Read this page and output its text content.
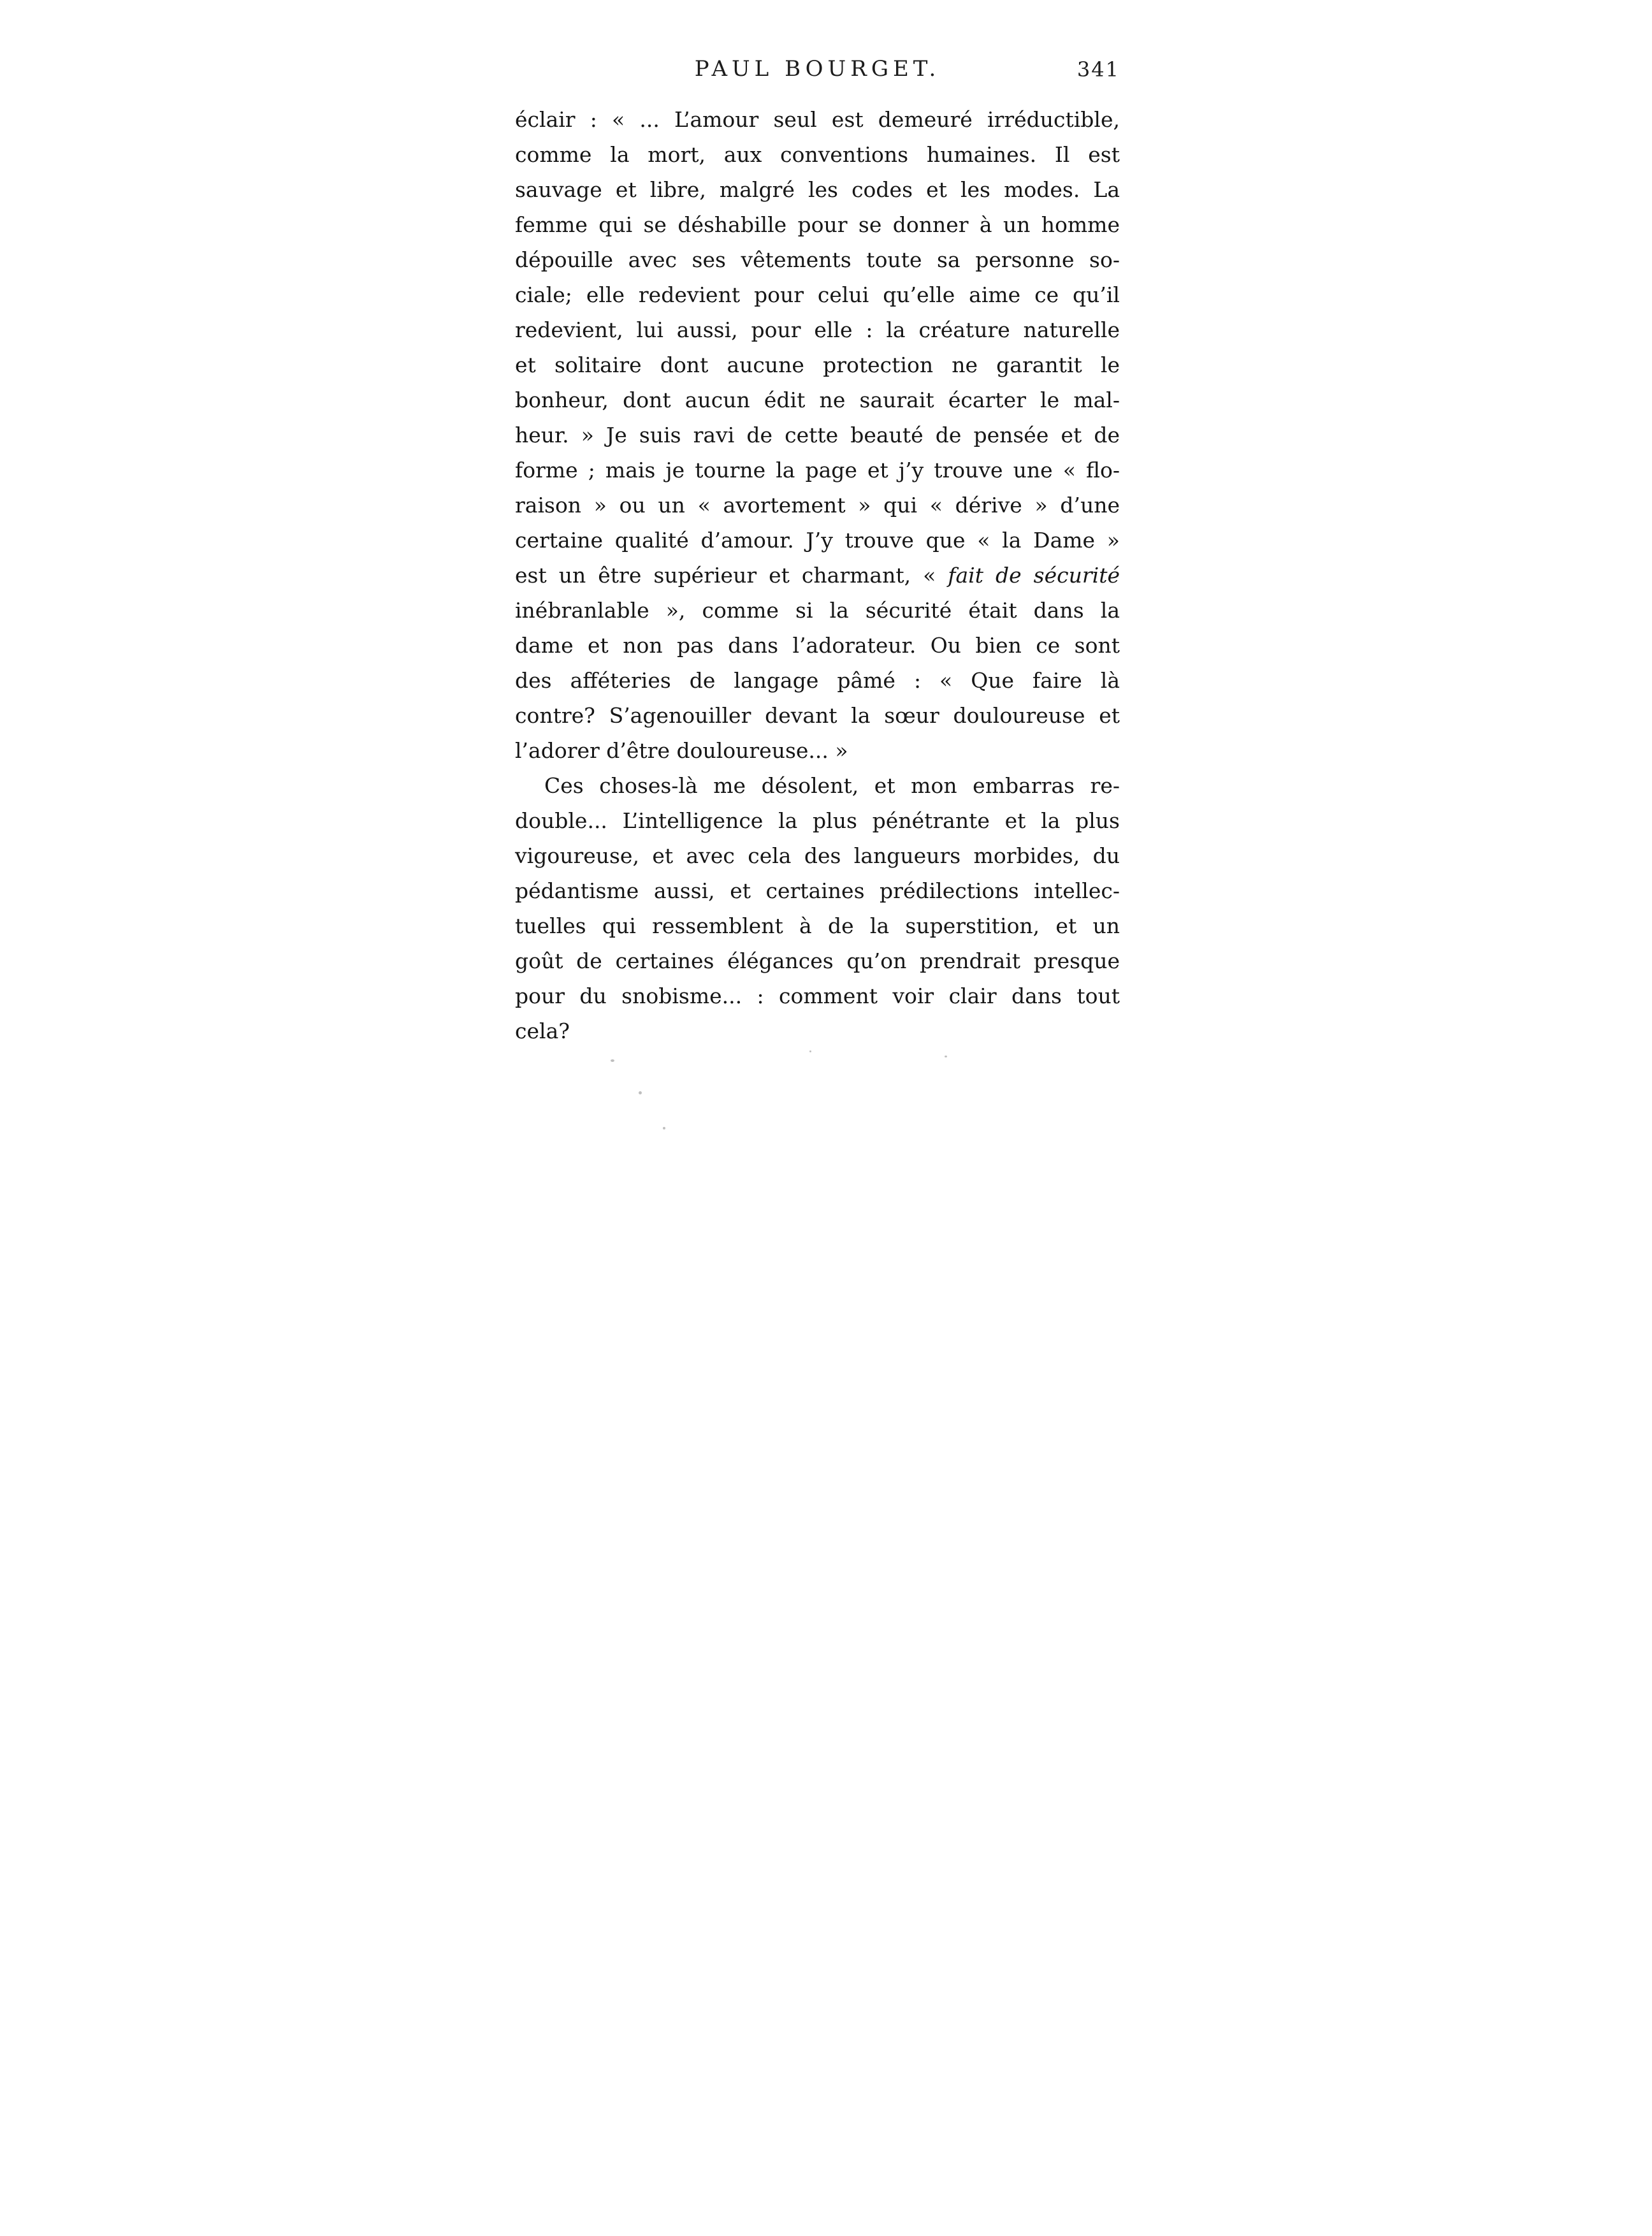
PAUL BOURGET.	341
éclair : « ... L’amour seul est demeuré irréductible,
comme la mort, aux conventions humaines. Il est
sauvage et libre, malgré les codes et les modes. La
femme qui se déshabille pour se donner à un homme
dépouille avec ses vêtements toute sa personne so-
ciale; elle redevient pour celui qu’elle aime ce qu’il
redevient, lui aussi, pour elle : la créature naturelle
et solitaire dont aucune protection ne garantit le
bonheur, dont aucun édit ne saurait écarter le mal-
heur. » Je suis ravi de cette beauté de pensée et de
forme ; mais je tourne la page et j’y trouve une « flo-
raison » ou un « avortement » qui « dérive » d’une
certaine qualité d’amour. J’y trouve que « la Dame »
est un être supérieur et charmant, « fait de sécurité
inébranlable », comme si la sécurité était dans la
dame et non pas dans l’adorateur. Ou bien ce sont
des afféteries de langage pâmé : « Que faire là
contre? S’agenouiller devant la sœur douloureuse et
l’adorer d’être douloureuse... »
Ces choses-là me désolent, et mon embarras re-
double... L’intelligence la plus pénétrante et la plus
vigoureuse, et avec cela des langueurs morbides, du
pédantisme aussi, et certaines prédilections intellec-
tuelles qui ressemblent à de la superstition, et un
goût de certaines élégances qu’on prendrait presque
pour du snobisme... : comment voir clair dans tout
cela?
